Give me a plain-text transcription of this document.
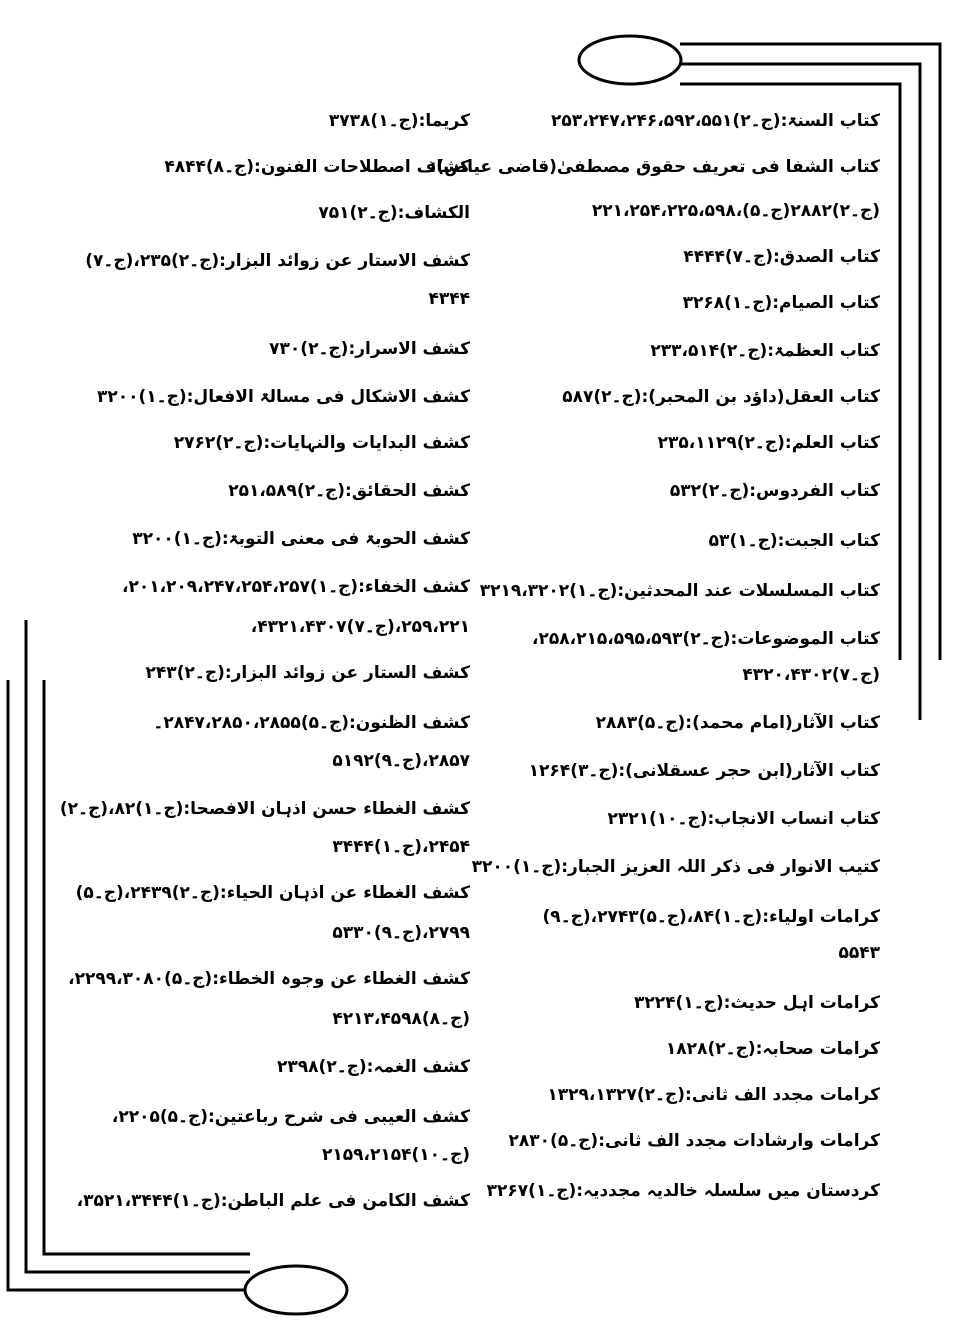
کتاب السنۃ:(ج۔۲)۲۵۳،۲۴۷،۲۴۶،۵۹۲،۵۵۱
کتاب الشفا فی تعریف حقوق مصطفیٰ(قاضی عیاض):
(ج۔۲)۲۸۸۲(ج۔۵)،۲۲۱،۲۵۴،۲۲۵،۵۹۸
کتاب الصدق:(ج۔۷)۴۴۴۴
کتاب الصیام:(ج۔۱)۳۲۶۸
کتاب العظمۃ:(ج۔۲)۲۳۳،۵۱۴
کتاب العقل(داؤد بن المحبر):(ج۔۲)۵۸۷
کتاب العلم:(ج۔۲)۲۳۵،۱۱۲۹
کتاب الفردوس:(ج۔۲)۵۳۲
کتاب الجبت:(ج۔۱)۵۳
کتاب المسلسلات عند المحدثین:(ج۔۱)۳۲۱۹،۳۲۰۲
کتاب الموضوعات:(ج۔۲)۲۵۸،۲۱۵،۵۹۵،۵۹۳،
(ج۔۷)۴۳۲۰،۴۳۰۲
کتاب الآثار(امام محمد):(ج۔۵)۲۸۸۳
کتاب الآثار(ابن حجر عسقلانی):(ج۔۳)۱۲۶۴
کتاب انساب الانجاب:(ج۔۱۰)۲۳۲۱
کتیب الانوار فی ذکر اللہ العزیز الجبار:(ج۔۱)۳۲۰۰
کرامات اولیاء:(ج۔۱)۸۴،(ج۔۵)۲۷۴۳،(ج۔۹)
۵۵۴۳
کرامات اہل حدیث:(ج۔۱)۳۲۲۴
کرامات صحابہ:(ج۔۲)۱۸۲۸
کرامات مجدد الف ثانی:(ج۔۲)۱۳۲۹،۱۳۲۷
کرامات وارشادات مجدد الف ثانی:(ج۔۵)۲۸۳۰
کردستان میں سلسلہ خالدیہ مجددیہ:(ج۔۱)۳۲۶۷
کریما:(ج۔۱)۳۷۳۸
کشاف اصطلاحات الفنون:(ج۔۸)۴۸۴۴
الکشاف:(ج۔۲)۷۵۱
کشف الاستار عن زوائد البزار:(ج۔۲)۲۳۵،(ج۔۷)
۴۳۴۴
کشف الاسرار:(ج۔۲)۷۳۰
کشف الاشکال فی مسالۃ الافعال:(ج۔۱)۳۲۰۰
کشف البدایات والنہایات:(ج۔۲)۲۷۶۲
کشف الحقائق:(ج۔۲)۲۵۱،۵۸۹
کشف الحوبۃ فی معنی التوبۃ:(ج۔۱)۳۲۰۰
کشف الخفاء:(ج۔۱)۲۰۱،۲۰۹،۲۴۷،۲۵۴،۲۵۷،
۲۵۹،۲۲۱،(ج۔۷)۴۳۲۱،۴۳۰۷،
کشف الستار عن زوائد البزار:(ج۔۲)۲۴۳
کشف الظنون:(ج۔۵)۲۸۴۷،۲۸۵۰،۲۸۵۵۔
۲۸۵۷،(ج۔۹)۵۱۹۲
کشف الغطاء حسن اذہان الافصحا:(ج۔۱)۸۲،(ج۔۲)
۲۴۵۴،(ج۔۱)۳۴۴۴
کشف الغطاء عن اذہان الحیاء:(ج۔۲)۲۴۳۹،(ج۔۵)
۲۷۹۹،(ج۔۹)۵۳۳۰
کشف الغطاء عن وجوہ الخطاء:(ج۔۵)۲۲۹۹،۳۰۸۰،
(ج۔۸)۴۲۱۳،۴۵۹۸
کشف الغمہ:(ج۔۲)۲۳۹۸
کشف العیبی فی شرح رباعتین:(ج۔۵)۲۲۰۵،
(ج۔۱۰)۲۱۵۹،۲۱۵۴
کشف الکامن فی علم الباطن:(ج۔۱)۳۵۲۱،۳۴۴۴،
